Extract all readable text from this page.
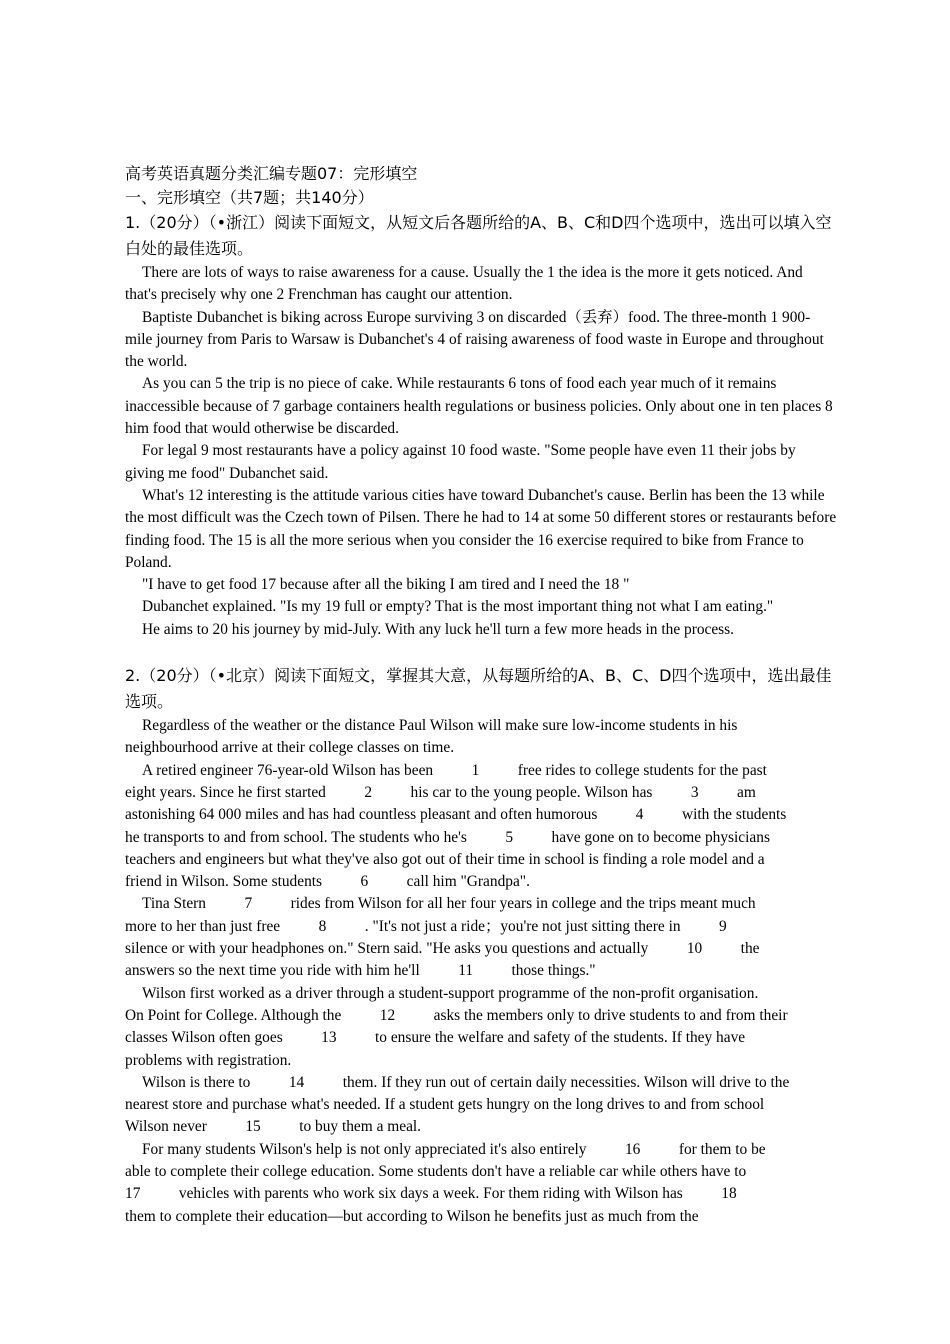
高考英语真题分类汇编专题07：完形填空

一、完形填空（共7题；共140分）

1.（20分）（•浙江）阅读下面短文，从短文后各题所给的A、B、C和D四个选项中，选出可以填入空白处的最佳选项。

There are lots of ways to raise awareness for a cause. Usually the 1 the idea is the more it gets noticed. And that's precisely why one 2 Frenchman has caught our attention.

Baptiste Dubanchet is biking across Europe surviving 3 on discarded（丢弃）food. The three-month 1 900-mile journey from Paris to Warsaw is Dubanchet's 4 of raising awareness of food waste in Europe and throughout the world.

As you can 5 the trip is no piece of cake. While restaurants 6 tons of food each year much of it remains inaccessible because of 7 garbage containers health regulations or business policies. Only about one in ten places 8 him food that would otherwise be discarded.

For legal 9 most restaurants have a policy against 10 food waste. "Some people have even 11 their jobs by giving me food" Dubanchet said.

What's 12 interesting is the attitude various cities have toward Dubanchet's cause. Berlin has been the 13 while the most difficult was the Czech town of Pilsen. There he had to 14 at some 50 different stores or restaurants before finding food. The 15 is all the more serious when you consider the 16 exercise required to bike from France to Poland.

"I have to get food 17 because after all the biking I am tired and I need the 18 "

Dubanchet explained. "Is my 19 full or empty? That is the most important thing not what I am eating."

He aims to 20 his journey by mid-July. With any luck he'll turn a few more heads in the process.

2.（20分）（•北京）阅读下面短文，掌握其大意，从每题所给的A、B、C、D四个选项中，选出最佳选项。

Regardless of the weather or the distance Paul Wilson will make sure low-income students in his

neighbourhood arrive at their college classes on time.

A retired engineer 76-year-old Wilson has been          1          free rides to college students for the past

eight years. Since he first started          2          his car to the young people. Wilson has          3          am

astonishing 64 000 miles and has had countless pleasant and often humorous          4          with the students

he transports to and from school. The students who he's          5          have gone on to become physicians

teachers and engineers but what they've also got out of their time in school is finding a role model and a

friend in Wilson. Some students          6          call him "Grandpa".

Tina Stern          7          rides from Wilson for all her four years in college and the trips meant much

more to her than just free          8          . "It's not just a ride；you're not just sitting there in          9

silence or with your headphones on." Stern said. "He asks you questions and actually          10          the

answers so the next time you ride with him he'll          11          those things."

Wilson first worked as a driver through a student-support programme of the non-profit organisation.

On Point for College. Although the          12          asks the members only to drive students to and from their

classes Wilson often goes          13          to ensure the welfare and safety of the students. If they have

problems with registration.

Wilson is there to          14          them. If they run out of certain daily necessities. Wilson will drive to the

nearest store and purchase what's needed. If a student gets hungry on the long drives to and from school

Wilson never          15          to buy them a meal.

For many students Wilson's help is not only appreciated it's also entirely          16          for them to be

able to complete their college education. Some students don't have a reliable car while others have to

17          vehicles with parents who work six days a week. For them riding with Wilson has          18

them to complete their education—but according to Wilson he benefits just as much from the
